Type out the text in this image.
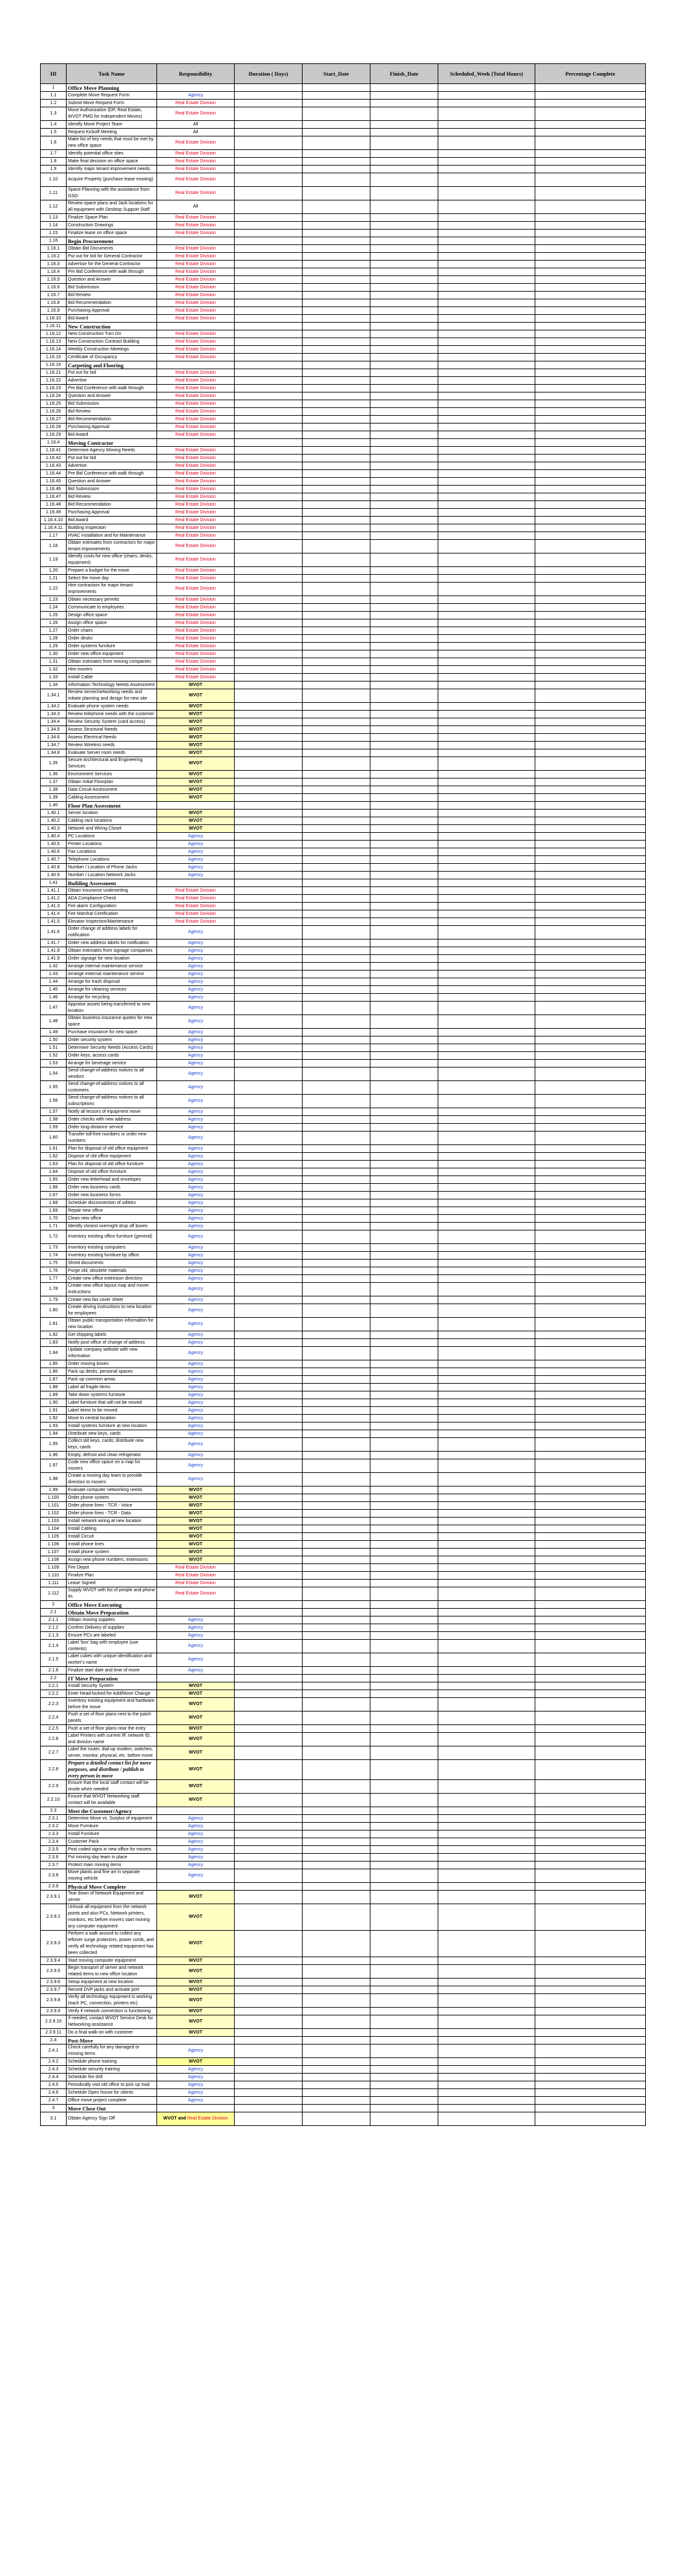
ID	Task Name	Responsibility	Duration ( Days)	Start_Date	Finish_Date	Scheduled_Week (Total Hours)	Percentage Complete
1	Office Move Planning						
1.1	Complete Move Request Form	Agency					
1.2	Submit Move Request Form	Real Estate Division					
1.3	Move Authorization (DP, Real Estate, WVOT PMO for Independent Moves)	Real Estate Division					
1.4	Identify Move Project Team	All					
1.5	Request Kickoff Meeting	All					
1.6	Make list of key needs that must be met by new office space	Real Estate Division					
1.7	Identify potential office sites	Real Estate Division					
1.8	Make final decision on office space	Real Estate Division					
1.9	Identify major tenant improvement needs	Real Estate Division					
1.10	Acquire Property (purchase lease existing)	Real Estate Division					
1.11	Space Planning with the assistance from GSD	Real Estate Division					
1.12	Review space plans and Jack locations for all equipment with Desktop Support Staff	All					
1.13	Finalize Space Plan	Real Estate Division					
1.14	Construction Drawings	Real Estate Division					
1.15	Finalize lease on office space	Real Estate Division					
1.16	Begin Procurement						
1.16.1	Obtain Bid Documents	Real Estate Division					
1.16.2	Put out for bid for General Contractor	Real Estate Division					
1.16.3	Advertise for the General Contractor	Real Estate Division					
1.16.4	Pre Bid Conference with walk through	Real Estate Division					
1.16.5	Question and Answer	Real Estate Division					
1.16.6	Bid Submission	Real Estate Division					
1.16.7	Bid Review	Real Estate Division					
1.16.8	Bid Recommendation	Real Estate Division					
1.16.9	Purchasing Approval	Real Estate Division					
1.16.10	Bid Award	Real Estate Division					
1.16.11	New Construction						
1.16.12	New Construction Turn On	Real Estate Division					
1.16.13	New Construction Contract Building	Real Estate Division					
1.16.14	Weekly Construction Meetings	Real Estate Division					
1.16.15	Certificate of Occupancy	Real Estate Division					
1.16.16	Carpeting and Flooring						
1.16.21	Put out for bid	Real Estate Division					
1.16.22	Advertise	Real Estate Division					
1.16.23	Pre Bid Conference with walk through	Real Estate Division					
1.16.24	Question and Answer	Real Estate Division					
1.16.25	Bid Submission	Real Estate Division					
1.16.26	Bid Review	Real Estate Division					
1.16.27	Bid Recommendation	Real Estate Division					
1.16.28	Purchasing Approval	Real Estate Division					
1.16.29	Bid Award	Real Estate Division					
1.16.4	Moving Contractor						
1.16.41	Determine Agency Moving Needs	Real Estate Division					
1.16.42	Put out for bid	Real Estate Division					
1.16.43	Advertise	Real Estate Division					
1.16.44	Pre Bid Conference with walk through	Real Estate Division					
1.16.45	Question and Answer	Real Estate Division					
1.16.46	Bid Submission	Real Estate Division					
1.16.47	Bid Review	Real Estate Division					
1.16.48	Bid Recommendation	Real Estate Division					
1.16.49	Purchasing Approval	Real Estate Division					
1.16.4.10	Bid Award	Real Estate Division					
1.16.4.11	Building Inspection	Real Estate Division					
1.17	HVAC Installation and for Maintenance	Real Estate Division					
1.18	Obtain estimates from contractors for major tenant improvements	Real Estate Division					
1.19	Identify costs for new office (chairs, desks, equipment)	Real Estate Division					
1.20	Prepare a budget for the move	Real Estate Division					
1.21	Select the move day	Real Estate Division					
1.22	Hire contractors for major tenant improvements	Real Estate Division					
1.23	Obtain necessary permits	Real Estate Division					
1.24	Communicate to employees	Real Estate Division					
1.25	Design office space	Real Estate Division					
1.26	Assign office space	Real Estate Division					
1.27	Order chairs	Real Estate Division					
1.28	Order desks	Real Estate Division					
1.29	Order systems furniture	Real Estate Division					
1.30	Order new office equipment	Real Estate Division					
1.31	Obtain estimates from moving companies	Real Estate Division					
1.32	Hire movers	Real Estate Division					
1.33	Install Cable	Real Estate Division					
1.34	Information Technology Needs Assessment	WVOT					
1.34.1	Review server/networking needs and initiate planning and design for new site	WVOT					
1.34.2	Evaluate phone system needs	WVOT					
1.34.3	Review telephone needs with the customer	WVOT					
1.34.4	Review Security System (card access)	WVOT					
1.34.5	Assess Structural Needs	WVOT					
1.34.6	Assess Electrical Needs	WVOT					
1.34.7	Review Wireless needs	WVOT					
1.34.8	Evaluate Server room needs	WVOT					
1.35	Secure Architectural and Engineering Services	WVOT					
1.36	Environment Services	WVOT					
1.37	Obtain Initial Floorplan	WVOT					
1.38	Data Circuit Assessment	WVOT					
1.39	Cabling Assessment	WVOT					
1.40	Floor Plan Assessment						
1.40.1	Server location	WVOT					
1.40.2	Cabling rack locations	WVOT					
1.40.3	Network and Wiring Closet	WVOT					
1.40.4	PC Locations	Agency					
1.40.5	Printer Locations	Agency					
1.40.6	Fax Locations	Agency					
1.40.7	Telephone Locations	Agency					
1.40.8	Number / Location of Phone Jacks	Agency					
1.40.9	Number / Location Network Jacks	Agency					
1.41	Building Assessment						
1.41.1	Obtain insurance underwriting	Real Estate Division					
1.41.2	ADA Compliance Check	Real Estate Division					
1.41.3	Fire alarm Configuration	Real Estate Division					
1.41.4	Fire Marshal Certification	Real Estate Division					
1.41.5	Elevator Inspection/Maintenance	Real Estate Division					
1.41.6	Order change of address labels for notification	Agency					
1.41.7	Order new address labels for notification	Agency					
1.41.8	Obtain estimates from signage companies	Agency					
1.41.9	Order signage for new location	Agency					
1.42	Arrange internal maintenance service	Agency					
1.43	Arrange external maintenance service	Agency					
1.44	Arrange for trash disposal	Agency					
1.45	Arrange for cleaning services	Agency					
1.46	Arrange for recycling	Agency					
1.47	Appraise assets being transferred to new location	Agency					
1.48	Obtain business insurance quotes for new space	Agency					
1.49	Purchase insurance for new space	Agency					
1.50	Order security system	Agency					
1.51	Determine Security Needs (Access Cards)	Agency					
1.52	Order keys, access cards	Agency					
1.53	Arrange for beverage service	Agency					
1.54	Send change-of-address notices to all vendors	Agency					
1.55	Send change-of-address notices to all customers	Agency					
1.56	Send change-of-address notices to all subscriptions	Agency					
1.57	Notify all lessors of equipment move	Agency					
1.58	Order checks with new address	Agency					
1.59	Order long-distance service	Agency					
1.60	Transfer toll-free numbers or order new numbers	Agency					
1.61	Plan for disposal of old office equipment	Agency					
1.62	Dispose of old office equipment	Agency					
1.63	Plan for disposal of old office furniture	Agency					
1.64	Dispose of old office furniture	Agency					
1.65	Order new letterhead and envelopes	Agency					
1.66	Order new business cards	Agency					
1.67	Order new business forms	Agency					
1.68	Schedule disconnection of utilities	Agency					
1.69	Repair new office	Agency					
1.70	Clean new office	Agency					
1.71	Identify closest overnight drop off boxes	Agency					
1.72	Inventory existing office furniture (general)	Agency					
1.73	Inventory existing computers	Agency					
1.74	Inventory existing furniture by office	Agency					
1.75	Shred documents	Agency					
1.76	Purge old, obsolete materials	Agency					
1.77	Create new office extension directory	Agency					
1.78	Create new office layout map and mover instructions	Agency					
1.79	Create new fax cover sheet	Agency					
1.80	Create driving instructions to new location for employees	Agency					
1.81	Obtain public transportation information for new location	Agency					
1.82	Get shipping labels	Agency					
1.83	Notify post office of change of address	Agency					
1.84	Update company website with new information	Agency					
1.85	Order moving boxes	Agency					
1.86	Pack up desks, personal spaces	Agency					
1.87	Pack up common areas	Agency					
1.88	Label all fragile items	Agency					
1.89	Take down systems furniture	Agency					
1.90	Label furniture that will not be moved	Agency					
1.91	Label items to be moved	Agency					
1.92	Move to central location	Agency					
1.93	Install systems furniture at new location	Agency					
1.94	Distribute new keys, cards	Agency					
1.95	Collect old keys, cards; distribute new keys, cards	Agency					
1.96	Empty, defrost and clean refrigerator	Agency					
1.97	Code new office space on a map for movers	Agency					
1.98	Create a moving day team to provide direction to movers	Agency					
1.99	Evaluate computer networking needs	WVOT					
1.100	Order phone system	WVOT					
1.101	Order phone lines - TCR - Voice	WVOT					
1.102	Order phone lines - TCR - Data	WVOT					
1.103	Install network wiring at new location	WVOT					
1.104	Install Cabling	WVOT					
1.105	Install Circuit	WVOT					
1.106	Install phone lines	WVOT					
1.107	Install phone system	WVOT					
1.108	Assign new phone numbers, extensions	WVOT					
1.109	Fire Depot	Real Estate Division					
1.110	Finalize Plan	Real Estate Division					
1.111	Lease Signed	Real Estate Division					
1.112	Supply WVOT with list of people and phone #s	Real Estate Division					
2	Office Move Executing						
2.1	Obtain Move Preparation						
2.1.1	Obtain moving supplies	Agency					
2.1.2	Confirm Delivery of supplies	Agency					
2.1.3	Ensure PCs are labeled	Agency					
2.1.4	Label 'box' bag with employee (use contents)	Agency					
2.1.5	Label cubes with unique identification and worker's name	Agency					
2.1.6	Finalize start date and time of move	Agency					
2.2	IT Move Preparation						
2.2.1	Install Security System	WVOT					
2.2.2	Enter Head-locked for Add/Move Change	WVOT					
2.2.3	Inventory existing equipment and hardware before the move	WVOT					
2.2.4	Push a set of floor plans next to the patch panels	WVOT					
2.2.5	Push a set of floor plans near the entry	WVOT					
2.2.6	Label Printers with current IP, network ID, and division name	WVOT					
2.2.7	Label the router, dial-up modem, switches, server, monitor, physical, etc. before move	WVOT					
2.2.8	Prepare a detailed contact list for move purposes, and distribute / publish to every person in move	WVOT					
2.2.9	Ensure that the local staff contact will be onsite when needed	WVOT					
2.2.10	Ensure that WVOT Networking staff contact will be available	WVOT					
2.3	Meet the Customer/Agency						
2.3.1	Determine Move vs. Surplus of equipment	Agency					
2.3.2	Move Furniture	Agency					
2.3.3	Install Furniture	Agency					
2.3.4	Customer Pack	Agency					
2.3.5	Post coded signs in new office for movers	Agency					
2.3.6	Put moving day team in place	Agency					
2.3.7	Protect main moving items	Agency					
2.3.8	Move plants and fine art in separate moving vehicle	Agency					
2.3.9	Physical Move Complete						
2.3.9.1	Tear down of Network Equipment and server	WVOT					
2.3.9.2	Unhook all equipment from the network points and also PCs, Network printers, monitors, etc before movers start moving any computer equipment	WVOT					
2.3.9.3	Perform a walk around to collect any leftover surge protectors, power cords, and verify all technology related equipment has been collected	WVOT					
2.3.9.4	Start moving computer equipment	WVOT					
2.3.9.5	Begin transport of server and network related items to new office location	WVOT					
2.3.9.6	Setup equipment at new location	WVOT					
2.3.9.7	Record DVP jacks and activate port	WVOT					
2.3.9.8	Verify all technology equipment is working (each PC, connection, printers etc)	WVOT					
2.3.9.9	Verify if network connection is functioning	WVOT					
2.3.9.10	If needed, contact WVOT Service Desk for Networking assistance	WVOT					
2.3.9.11	Do a final walk-on with customer	WVOT					
2.4	Post-Move						
2.4.1	Check carefully for any damaged or missing items	Agency					
2.4.2	Schedule phone training	WVOT					
2.4.3	Schedule security training	Agency					
2.4.4	Schedule fire drill	Agency					
2.4.5	Periodically visit old office to pick up mail	Agency					
2.4.6	Schedule Open house for clients	Agency					
2.4.7	Office move project complete	Agency					
3	Move Close Out						
3.1	Obtain Agency Sign Off	WVOT and Real Estate Division					
